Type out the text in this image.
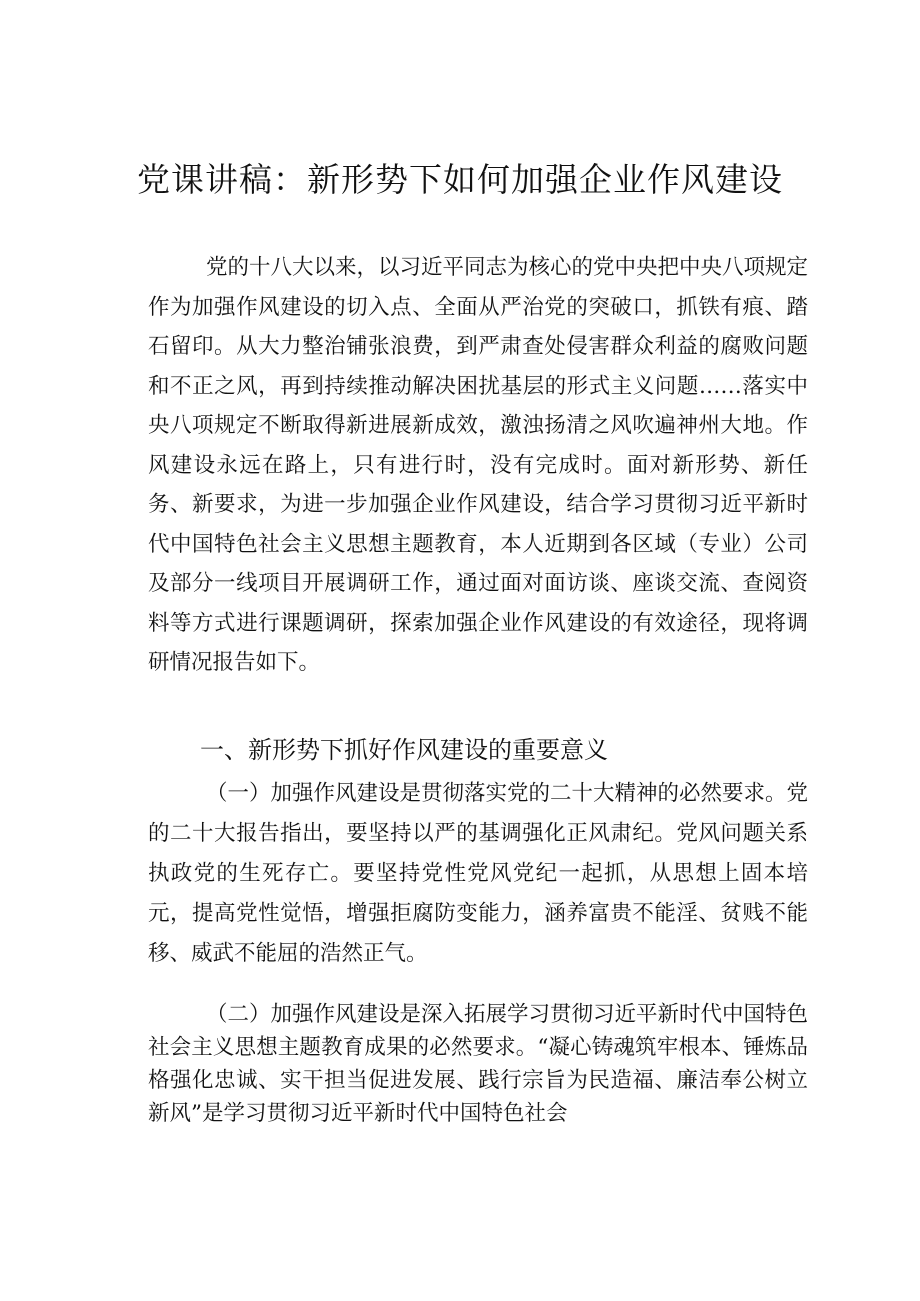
党课讲稿：新形势下如何加强企业作风建设

党的十八大以来，以习近平同志为核心的党中央把中央八项规定作为加强作风建设的切入点、全面从严治党的突破口，抓铁有痕、踏石留印。从大力整治铺张浪费，到严肃查处侵害群众利益的腐败问题和不正之风，再到持续推动解决困扰基层的形式主义问题……落实中央八项规定不断取得新进展新成效，激浊扬清之风吹遍神州大地。作风建设永远在路上，只有进行时，没有完成时。面对新形势、新任务、新要求，为进一步加强企业作风建设，结合学习贯彻习近平新时代中国特色社会主义思想主题教育，本人近期到各区域（专业）公司及部分一线项目开展调研工作，通过面对面访谈、座谈交流、查阅资料等方式进行课题调研，探索加强企业作风建设的有效途径，现将调研情况报告如下。

一、新形势下抓好作风建设的重要意义

（一）加强作风建设是贯彻落实党的二十大精神的必然要求。党的二十大报告指出，要坚持以严的基调强化正风肃纪。党风问题关系执政党的生死存亡。要坚持党性党风党纪一起抓，从思想上固本培元，提高党性觉悟，增强拒腐防变能力，涵养富贵不能淫、贫贱不能移、威武不能屈的浩然正气。

（二）加强作风建设是深入拓展学习贯彻习近平新时代中国特色社会主义思想主题教育成果的必然要求。“凝心铸魂筑牢根本、锤炼品格强化忠诚、实干担当促进发展、践行宗旨为民造福、廉洁奉公树立新风”是学习贯彻习近平新时代中国特色社会
